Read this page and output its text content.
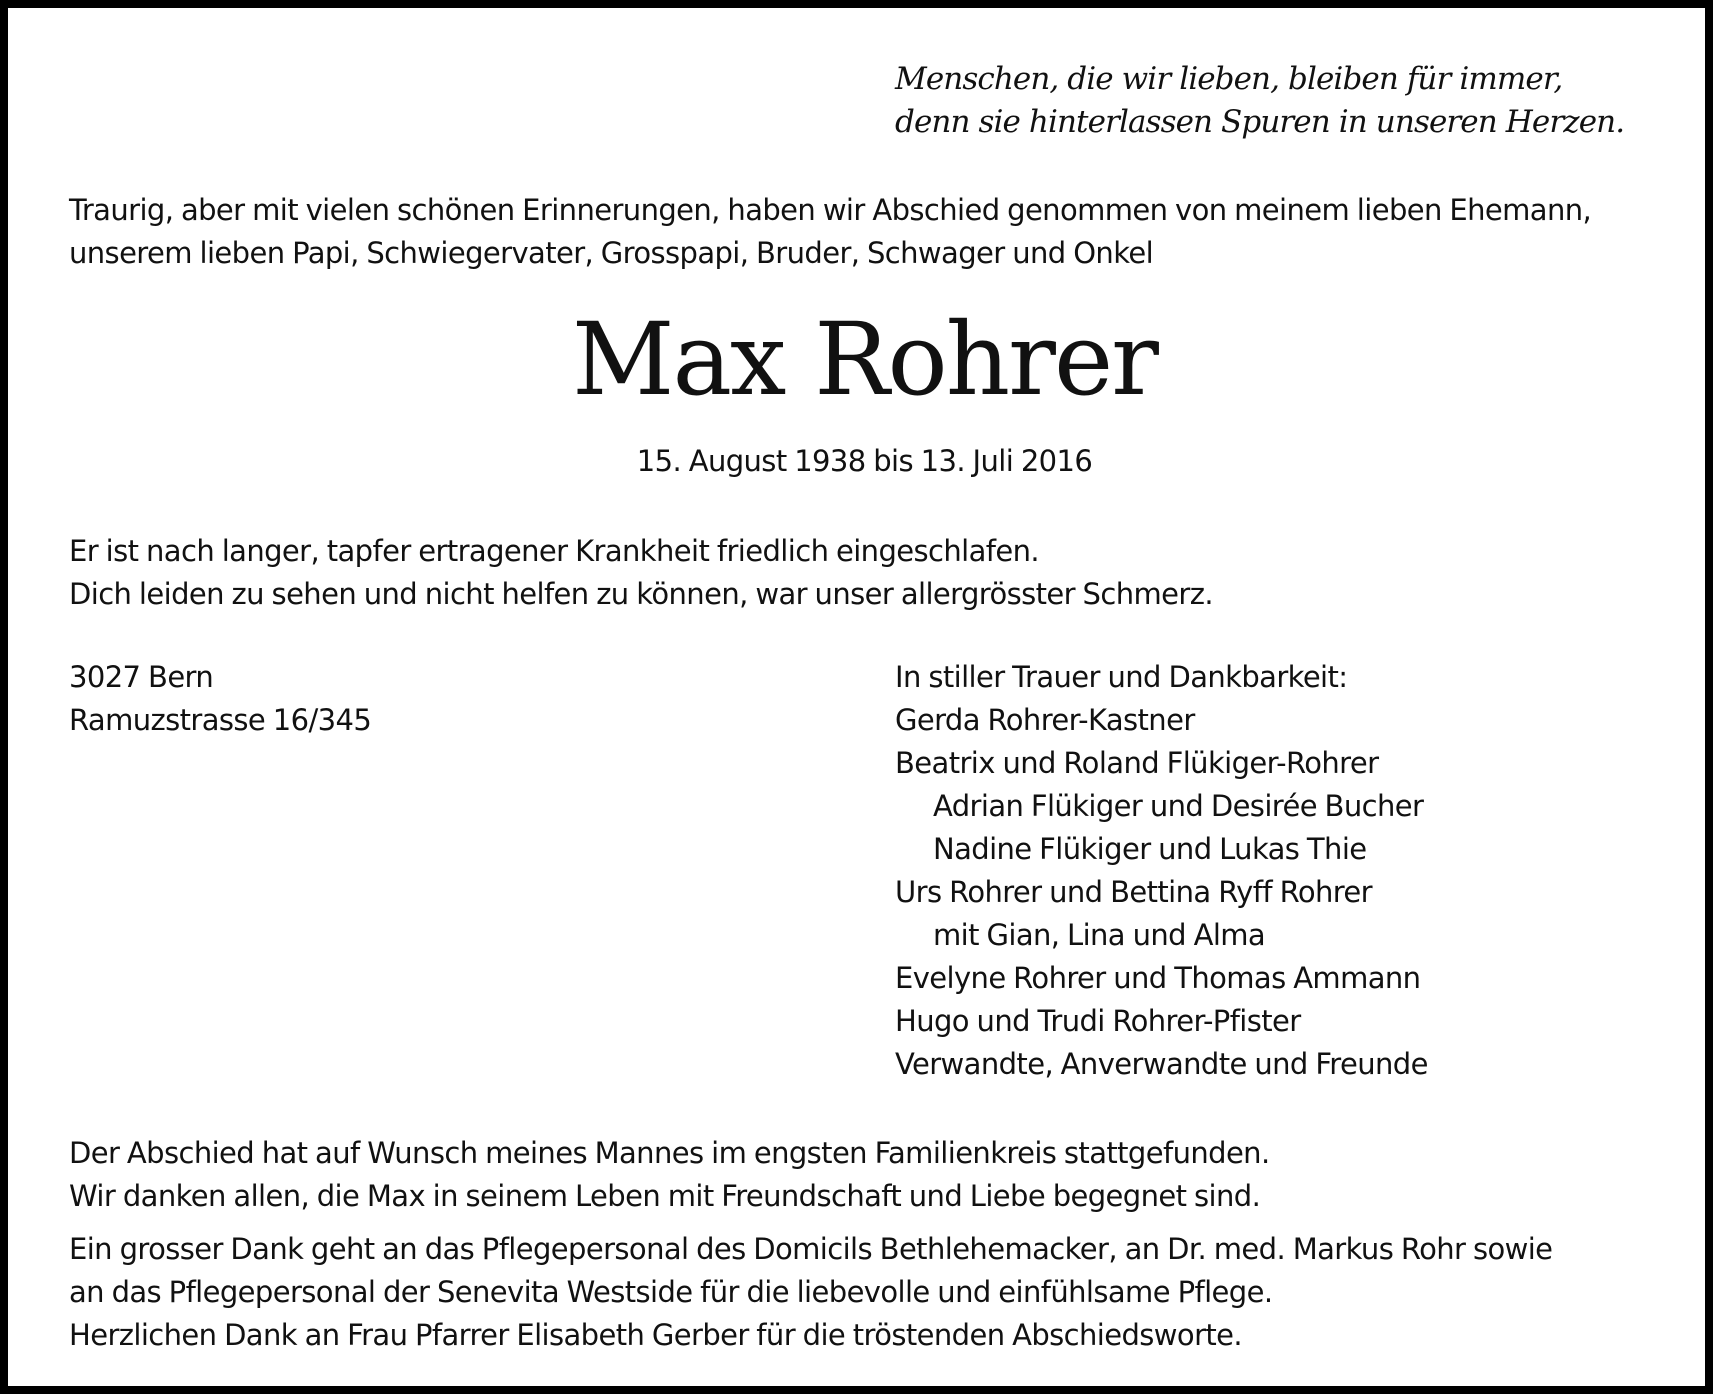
Menschen, die wir lieben, bleiben für immer,
denn sie hinterlassen Spuren in unseren Herzen.
Traurig, aber mit vielen schönen Erinnerungen, haben wir Abschied genommen von meinem lieben Ehemann,
unserem lieben Papi, Schwiegervater, Grosspapi, Bruder, Schwager und Onkel
Max Rohrer
15. August 1938 bis 13. Juli 2016
Er ist nach langer, tapfer ertragener Krankheit friedlich eingeschlafen.
Dich leiden zu sehen und nicht helfen zu können, war unser allergrösster Schmerz.
3027 Bern
Ramuzstrasse 16/345
In stiller Trauer und Dankbarkeit:
Gerda Rohrer-Kastner
Beatrix und Roland Flükiger-Rohrer
Adrian Flükiger und Desirée Bucher
Nadine Flükiger und Lukas Thie
Urs Rohrer und Bettina Ryff Rohrer
mit Gian, Lina und Alma
Evelyne Rohrer und Thomas Ammann
Hugo und Trudi Rohrer-Pfister
Verwandte, Anverwandte und Freunde
Der Abschied hat auf Wunsch meines Mannes im engsten Familienkreis stattgefunden.
Wir danken allen, die Max in seinem Leben mit Freundschaft und Liebe begegnet sind.
Ein grosser Dank geht an das Pflegepersonal des Domicils Bethlehemacker, an Dr. med. Markus Rohr sowie
an das Pflegepersonal der Senevita Westside für die liebevolle und einfühlsame Pflege.
Herzlichen Dank an Frau Pfarrer Elisabeth Gerber für die tröstenden Abschiedsworte.
